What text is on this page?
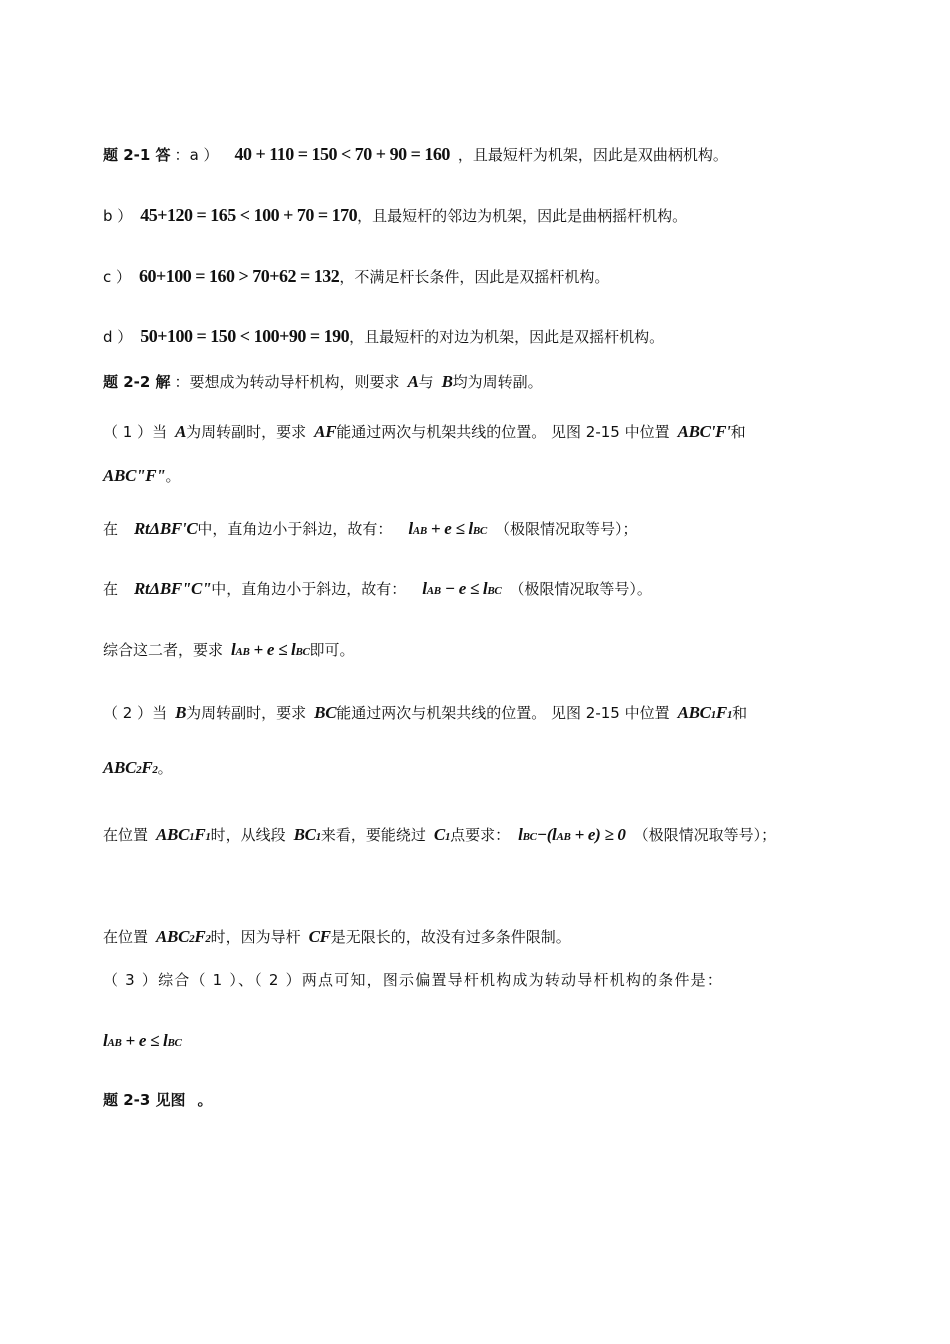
题 2-1 答 ： a ） 40 + 110 = 150 < 70 + 90 = 160 ，且最短杆为机架，因此是双曲柄机构。
b ） 45+120 = 165 < 100 + 70 = 170 ，且最短杆的邻边为机架，因此是曲柄摇杆机构。
c ） 60+100 = 160 > 70+62 = 132 ，不满足杆长条件，因此是双摇杆机构。
d ） 50+100 = 150 < 100+90 = 190 ，且最短杆的对边为机架，因此是双摇杆机构。
题 2-2 解 ：要想成为转动导杆机构，则要求 A 与 B 均为周转副。
（ 1 ）当 A 为周转副时，要求 AF 能通过两次与机架共线的位置。 见图 2-15 中位置 ABC'F' 和
ABC"F" 。
在 RtΔBF'C 中，直角边小于斜边，故有： l AB + e ≤ l BC （极限情况取等号）；
在 RtΔBF"C" 中，直角边小于斜边，故有： l AB − e ≤ l BC （极限情况取等号）。
综合这二者，要求 l AB + e ≤ l BC 即可。
（ 2 ）当 B 为周转副时，要求 BC 能通过两次与机架共线的位置。 见图 2-15 中位置 ABC 1 F 1 和
ABC 2 F 2 。
在位置 ABC 1 F 1 时，从线段 BC 1 来看，要能绕过 C 1 点要求： l BC −(l AB + e) ≥ 0 （极限情况取等号）；
在位置 ABC 2 F 2 时，因为导杆 CF 是无限长的，故没有过多条件限制。
（ 3 ）综合（ 1 ）、（ 2 ）两点可知，图示偏置导杆机构成为转动导杆机构的条件是：
l AB + e ≤ l BC
题 2-3 见图 。
